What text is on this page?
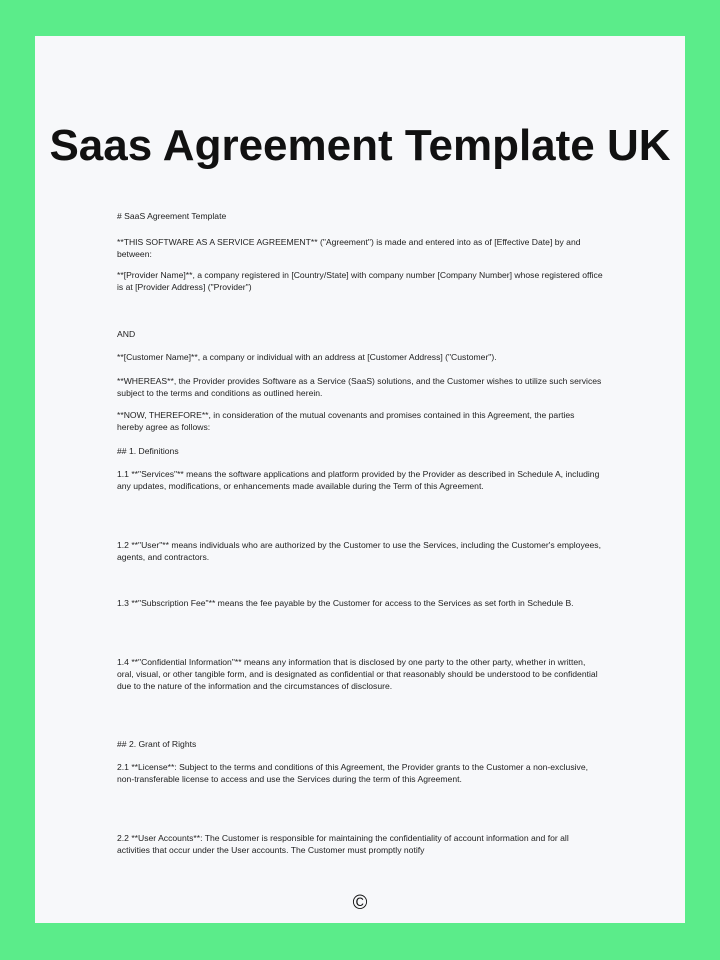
Saas Agreement Template UK

# SaaS Agreement Template

**THIS SOFTWARE AS A SERVICE AGREEMENT** ("Agreement") is made and entered into as of [Effective Date] by and between:

**[Provider Name]**, a company registered in [Country/State] with company number [Company Number] whose registered office is at [Provider Address] ("Provider")

AND

**[Customer Name]**, a company or individual with an address at [Customer Address] ("Customer").

**WHEREAS**, the Provider provides Software as a Service (SaaS) solutions, and the Customer wishes to utilize such services subject to the terms and conditions as outlined herein.

**NOW, THEREFORE**, in consideration of the mutual covenants and promises contained in this Agreement, the parties hereby agree as follows:

## 1. Definitions

1.1 **"Services"** means the software applications and platform provided by the Provider as described in Schedule A, including any updates, modifications, or enhancements made available during the Term of this Agreement.

1.2 **"User"** means individuals who are authorized by the Customer to use the Services, including the Customer's employees, agents, and contractors.

1.3 **"Subscription Fee"** means the fee payable by the Customer for access to the Services as set forth in Schedule B.

1.4 **"Confidential Information"** means any information that is disclosed by one party to the other party, whether in written, oral, visual, or other tangible form, and is designated as confidential or that reasonably should be understood to be confidential due to the nature of the information and the circumstances of disclosure.

## 2. Grant of Rights

2.1 **License**: Subject to the terms and conditions of this Agreement, the Provider grants to the Customer a non-exclusive, non-transferable license to access and use the Services during the term of this Agreement.

2.2 **User Accounts**: The Customer is responsible for maintaining the confidentiality of account information and for all activities that occur under the User accounts. The Customer must promptly notify

©
